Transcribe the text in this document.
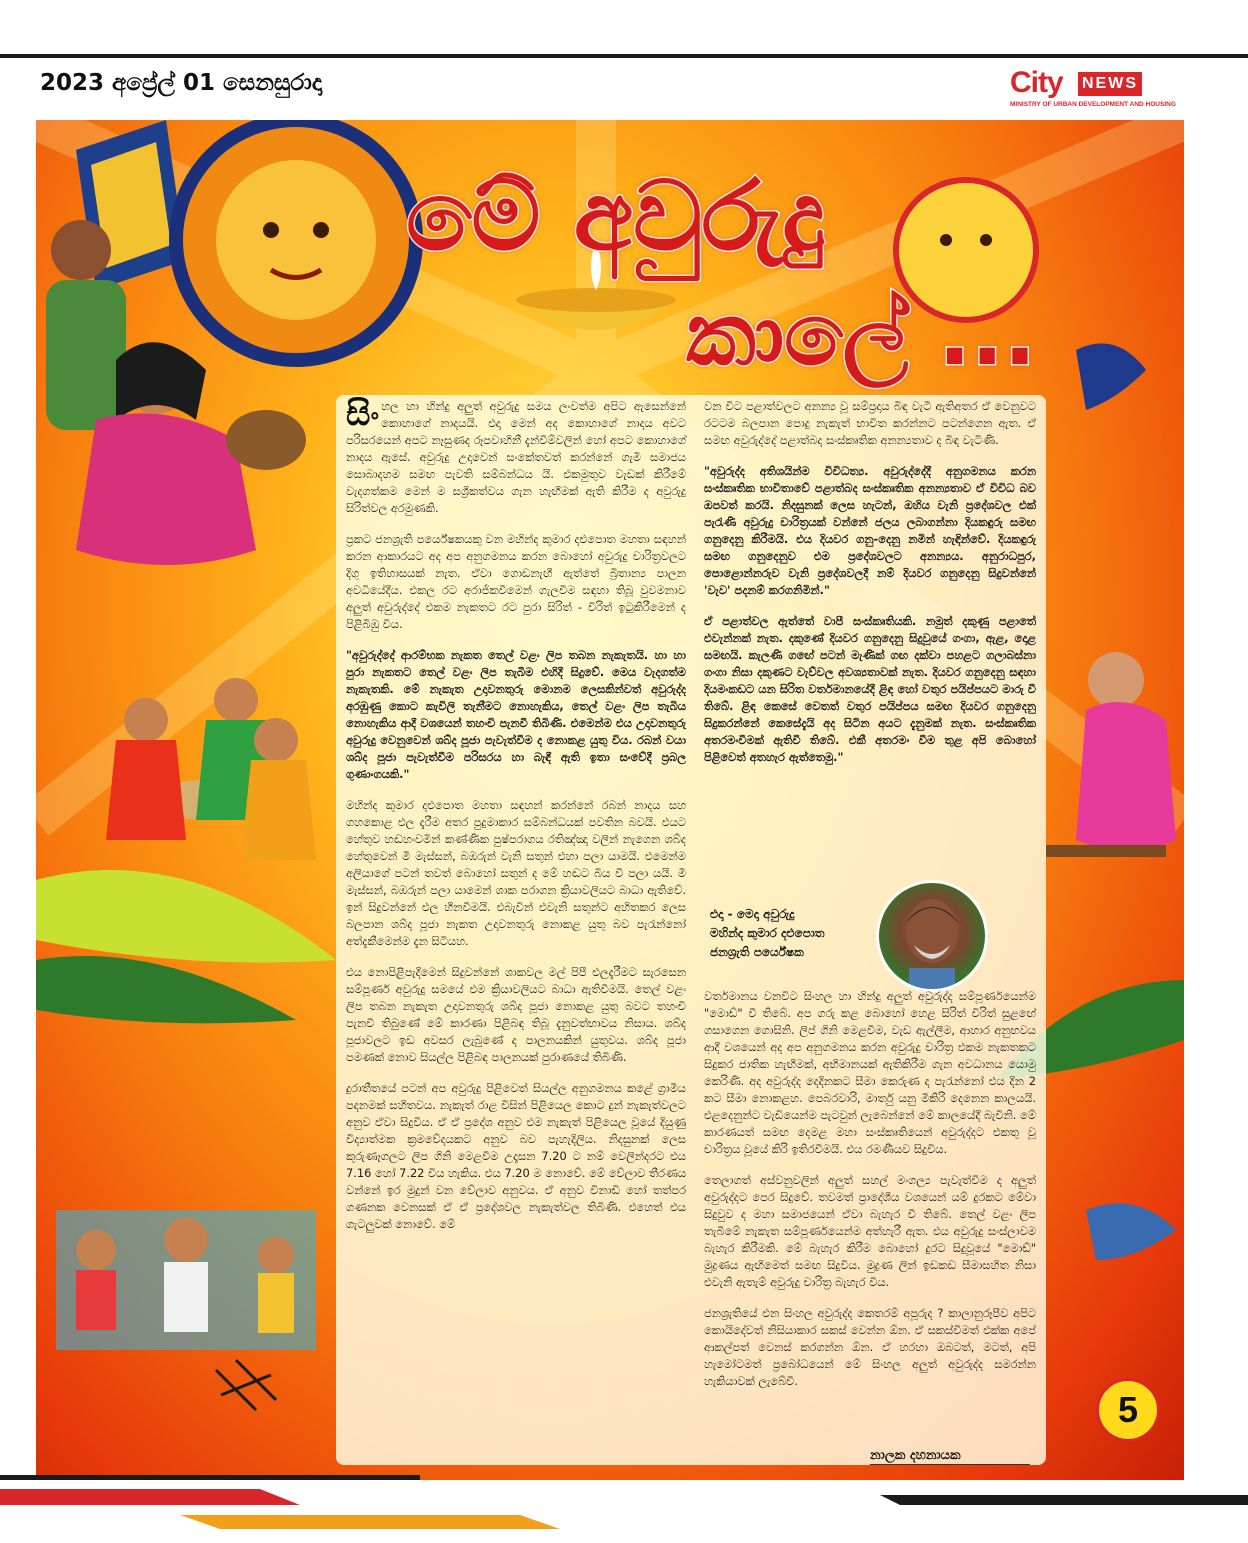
2023 අප්‍රේල් 01 සෙනසුරාදා	City NEWS
MINISTRY OF URBAN DEVELOPMENT AND HOUSING
මේ අවුරුදු
කාලේ ...

සිංහල හා හින්දු අලුත් අවුරුදු සමය ලංවත්ම අපිට ඇසෙන්නේ කොහාගේ නාදයයි. එදා මෙන් අද කොහාගේ නාදය අවට පරිසරයෙන් අපට නෑසුණද රූපවාහිනී දැන්වීම්වලින් හෝ අපට කොහාගේ නාදය ඇසේ. අවුරුදු උදාවෙන් සංකේතවත් කරන්නේ ගැමි සමාජය සොබාදහම සමඟ පැවති සම්බන්ධය යි. එකමුතුව වැඩක් කිරීමේ වැදගත්කම මෙන් ම සශ්‍රීකත්වය ගැන හැඟීමක් ඇති කිරීම ද අවුරුදු සිරිත්වල අරමුණකි.

ප්‍රකට ජනශ්‍රැති පර්යේෂකයකු වන මහින්ද කුමාර දළුපොත මහතා සඳහන් කරන ආකාරයට අද අප අනුගමනය කරන බොහෝ අවුරුදු චාරිත්‍රවලට දිගු ඉතිහාසයක් නැත. ඒවා ගොඩනැඟී ඇත්තේ බ්‍රිතාන්‍ය පාලන අවධියේදීය. එකල රට අරාජිකවීමෙන් ගැලවීම සඳහා තිබූ වුවමනාව අලුත් අවුරුද්දේ එකම නැකතට රට පුරා සිරිත් - විරිත් ඉටුකිරීමෙන් ද පිළිබිඹු විය.

"අවුරුද්දේ ආරම්භක නැකත තෙල් වළං ලිප තබන නැකැතයි. හා හා පුරා නැකතට තෙල් වළං ලිප තැබීම එහිදී සිදුවේ. මෙය වැදගත්ම නැකැතකි. මේ නැකැත උදාවනතුරු මොනම ලෙසකින්වත් අවුරුද්ද අරඹුණු කොට කැවිලි තැනීමට නොහැකිය, තෙල් වළං ලිප තැබිය නොහැකිය ආදී වශයෙන් තහංචි පැනවී තිබිණි. එමෙන්ම එය උදාවනතුරු අවුරුදු වෙනුවෙන් ශබ්ද පූජා පැවැත්වීම ද නොකළ යුතු විය. රබන් වයා ශබ්ද පූජා පැවැත්වීම පරිසරය හා බැඳී ඇති ඉතා සංවේදී ප්‍රබල ගුණාංගයකි."

මහින්ද කුමාර දළුපොත මහතා සඳහන් කරන්නේ රබන් නාදය සහ ගහකොළ එල දැරීම අතර පුදුමාකාර සම්බන්ධයක් පවතින බවයි. එයට හේතුව හඬහංවමින් කණ්ණික පුෂ්පරාගය රතිඤ්ඤා වලින් නැගෙන ශබ්ද හේතුවෙන් මී මැස්සන්, බඹරුන් වැනි සතුන් එහා පලා යාමයි. එමෙන්ම අලියාගේ පටන් තවත් බොහෝ සතුන් ද මේ හඬට බිය වී පලා යයි. මී මැස්සන්, බඹරුන් පලා යාමෙන් ශාක පරාගන ක්‍රියාවලියට බාධා ඇතිවේ. ඉන් සිදුවන්නේ එල හීනවීමයි. එබැවින් එවැනි සතුන්ට අහිතකර ලෙස බලපාන ශබ්ද පූජා නැකත උදාවනතුරු නොකළ යුතු බව පැරැන්නෝ අත්දැකීමෙන්ම දැන සිටියහ.

එය නොපිළිපැදීමෙන් සිදුවන්නේ ශාකවල මල් පිපී එලදැරීමට සැරසෙන සම්පූර්ණ අවුරුදු සමයේ එම ක්‍රියාවලියට බාධා ඇතිවීමයි. තෙල් වළං ලිප තබන නැකැත උදාවනතුරු ශබ්ද පූජා නොකළ යුතු බවට තහංචි පැනවී තිබුණේ මේ කාරණා පිළිබඳ තිබූ දැනුවත්භාවය නිසාය. ශබ්ද පූජාවලට ඉඩ අවසර ලැබුණේ ද පාලනයකින් යුතුවය. ශබ්ද පූජා පමණක් නොව සියල්ල පිළිබඳ පාලනයක් පුරාණයේ තිබිණි.

දුරාතීතයේ පටන් අප අවුරුදු පිළිවෙත් සියල්ල අනුගමනය කළේ ග්‍රාමීය පදනමක් සහිතවය. නැකැත් රාළ විසින් පිළියෙල කොට දුන් නැකැත්වලට අනුව ඒවා සිදුවිය. ඒ ඒ ප්‍රදේශ අනුව එම නැකැත් පිළියෙල වූයේ දියුණු විද්‍යාත්මක ක්‍රමවේදයකට අනුව බව පැහැදිලිය. නිදසුනක් ලෙස කුරුණෑගලට ලිප ගිනි මෙළවීම උදෑසන 7.20 ට නම් වෙලින්දරට එය 7.16 හෝ 7.22 විය හැකිය. එය 7.20 ම නොවේ. මේ වේලාව තීරණය වන්නේ ඉර මුදුන් වන වේලාව අනුවය. ඒ අනුව විනාඩි හෝ තත්පර ගණනක වෙනසක් ඒ ඒ ප්‍රදේශවල නැකැත්වල තිබිණි. එහෙත් එය ගැටලුවක් නොවේ. මේ

වන විට පළාත්වලට අනන්‍ය වූ සම්ප්‍රදාය බිඳ වැටී ඇතිඅතර ඒ වෙනුවට රටටම බලපාන පොදු නැකැත් භාවිත කරන්නට පටන්ගෙන ඇත. ඒ සමඟ අවුරුද්දේ පළාත්බද සංස්කෘතික අනන්‍යතාව ද බිඳ වැටිණි.

"අවුරුද්ද අතිශයින්ම විවිධත්‍ය. අවුරුද්දේදී අනුගමනය කරන සංස්කෘතික භාවිතාවේ පළාත්බද සංස්කෘතික අනන්‍යතාව ඒ විවිධ බව ඔපවත් කරයි. නිදසුනක් ලෙස හැටන්, ඔහිය වැනි ප්‍රදේශවල එක් පැරැණි අවුරුදු චාරිත්‍රයක් වන්නේ ජලය ලබාගන්නා දියකඳුරු සමඟ ගනුදෙනු කිරීමයි. එය දියවර ගනු-දෙනු නමින් හැඳින්වේ. දියකඳුරු සමඟ ගනුදෙනුව එම ප්‍රදේශවලට අනන්‍යය. අනුරාධපුර, පොළොන්නරුව වැනි ප්‍රදේශවලදී නම් දියවර ගනුදෙනු සිදුවන්නේ 'වැව' පදනම් කරගනිමින්."

ඒ පළාත්වල ඇත්තේ වාපී සංස්කෘතියකි. නමුත් දකුණු පළාතේ එවැන්නක් නැත. දකුණේ දියවර ගනුදෙනු සිදුවූයේ ගංගා, ඇළ, දොළ සමඟයි. කැලණි ගඟේ පටන් මැණික් ගඟ දක්වා පහළට ගලාබස්නා ගංගා නිසා දකුණට වැව්වල අවශ්‍යතාවක් නැත. දියවර ගනුදෙනු සඳහා දියමංකඩට යන සිරිත වර්තමානයේදී ළිඳ හෝ වතුර පයිප්පයට මාරු වී තිබේ. ළිඳ කෙසේ වෙතත් වතුර පයිප්පය සමඟ දියවර ගනුදෙනු සිදුකරන්නේ කෙසේදැයි අද සිටින අයට දැනුමක් නැත. සංස්කෘතික අතරමංවීමක් ඇතිවී තිබේ. එකී අතරමං වීම තුළ අපි බොහෝ පිළිවෙත් අතහැර ඇත්තෙමු."

එදා - මෙදා අවුරුදු
මහින්ද කුමාර දළුපොත
ජනශ්‍රැති පර්යේෂක

වර්තමානය වනවිට සිංහල හා හින්දු අලුත් අවුරුද්ද සම්පූර්ණයෙන්ම "මොඩ්" වී තිබේ. අප ගරු කළ බොහෝ හෙළ සිරිත් විරිත් සුළඟේ ගසාගෙන ගොසිනි. ලිප් ගිනි මෙළවීම, වැඩ ඇල්ලීම, ආහාර අනුභවය ආදී වශයෙන් අද අප අනුගමනය කරන අවුරුදු චාරිත්‍ර එකම නැකතකට සිදුකර ජාතික හැඟීමක්, අභිමානයක් ඇතිකිරීම ගැන අවධානය යොමු කෙරිණි. අද අවුරුද්ද දෙදිනකට සීමා කෙරුණ ද පැරැන්නෝ එය දින 2 කට සීමා නොකළහ. පෙබරවාරි, මාර්තු යනු මීකිරි දෙනෙන කාලයයි. එළදෙනුන්ට වැඩියෙන්ම පැටවුන් ලැබෙන්නේ මේ කාලයේදී බැවිනි. මේ කාරණයත් සමඟ දෙමළ මහා සංස්කෘතියෙන් අවුරුද්දට එකතු වූ චාරිත්‍රය වූයේ කිරි ඉතිරවීමයි. එය රමණීයව සිදුවිය.

තෙලාගත් අස්වනුවලින් අලුත් සහල් මංගල්‍ය පැවැත්වීම ද අලුත් අවුරුද්දට පෙර සිදුවේ. තවමත් ප්‍රාදේශීය වශයෙන් යම් දුරකට මේවා සිදුවුව ද මහා සමාජයෙන් ඒවා බැහැර වී තිබේ. තෙල් වළං ලිප තැබීමේ නැකැත සම්පූර්ණයෙන්ම අත්හැරී ඇත. එය අවුරුදු සංස්ලාවම බැහැර කිරීමකි. මේ බැහැර කිරීම බොහෝ දුරට සිදුවූයේ "මොඩ්" මුද්‍රණය ඇඟිමෙත් සමඟ සිදුවිය. මුද්‍රණ ලින් ඉඩකඩ සීමාසහිත නිසා එවැනි ඇතැම් අවුරුදු චාරිත්‍ර බැහැර විය.

ජනශ්‍රැතියේ එන සිංහල අවුරුද්ද කෙතරම් අපූරුද ? කාලානුරූපීව අපිට කොයිදේවත් නිසියාකාර සකස් වෙන්න ඕන. ඒ සකස්වීමත් එක්ක අපේ ආකල්පත් වෙනස් කරගන්න ඕන. ඒ හරහා ඔබටත්, මටත්, අපි හැමෝටමත් ප්‍රබෝධයෙන් මේ සිංහල අලුත් අවුරුද්ද සමරන්න හැකියාවක් ලැබේවී.

5
නාලක දහනායක
